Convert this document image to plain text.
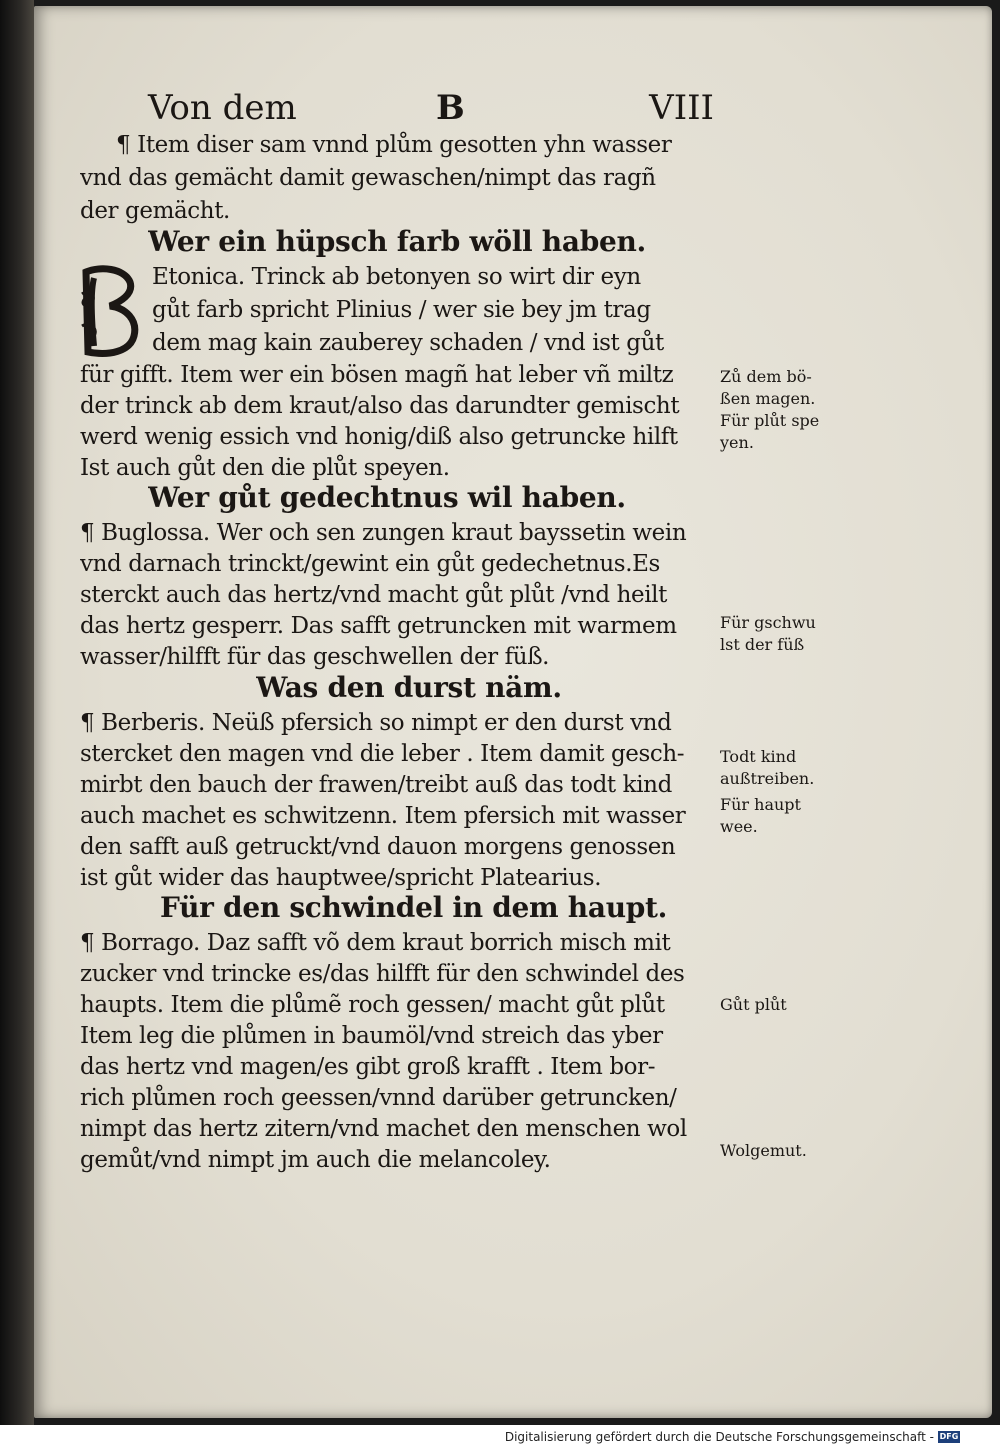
Von dem	B	VIII
¶ Item diser sam vnnd plům gesotten yhn wasser
vnd das gemächt damit gewaschen/nimpt das ragñ
der gemächt.
Wer ein hüpsch farb wöll haben.
Etonica. Trinck ab betonyen so wirt dir eyn
gůt farb spricht Plinius / wer sie bey jm trag
dem mag kain zauberey schaden / vnd ist gůt
für gifft. Item wer ein bösen magñ hat leber vñ miltz
der trinck ab dem kraut/also das darundter gemischt
werd wenig essich vnd honig/diß also getruncke hilft
Ist auch gůt den die plůt speyen.
Wer gůt gedechtnus wil haben.
¶ Buglossa. Wer och sen zungen kraut bayssetin wein
vnd darnach trinckt/gewint ein gůt gedechetnus.Es
sterckt auch das hertz/vnd macht gůt plůt /vnd heilt
das hertz gesperr. Das safft getruncken mit warmem
wasser/hilfft für das geschwellen der füß.
Was den durst näm.
¶ Berberis. Neüß pfersich so nimpt er den durst vnd
stercket den magen vnd die leber . Item damit gesch-
mirbt den bauch der frawen/treibt auß das todt kind
auch machet es schwitzenn. Item pfersich mit wasser
den safft auß getruckt/vnd dauon morgens genossen
ist gůt wider das hauptwee/spricht Platearius.
Für den schwindel in dem haupt.
¶ Borrago. Daz safft võ dem kraut borrich misch mit
zucker vnd trincke es/das hilfft für den schwindel des
haupts. Item die plůmẽ roch gessen/ macht gůt plůt
Item leg die plůmen in baumöl/vnd streich das yber
das hertz vnd magen/es gibt groß krafft . Item bor-
rich plůmen roch geessen/vnnd darüber getruncken/
nimpt das hertz zitern/vnd machet den menschen wol
gemůt/vnd nimpt jm auch die melancoley.
Zů dem bö-
ßen magen.
Für plůt spe
yen.
Für gschwu
lst der füß
Todt kind
außtreiben.
Für haupt
wee.
Gůt plůt
Wolgemut.
Digitalisierung gefördert durch die Deutsche Forschungsgemeinschaft - DFG
